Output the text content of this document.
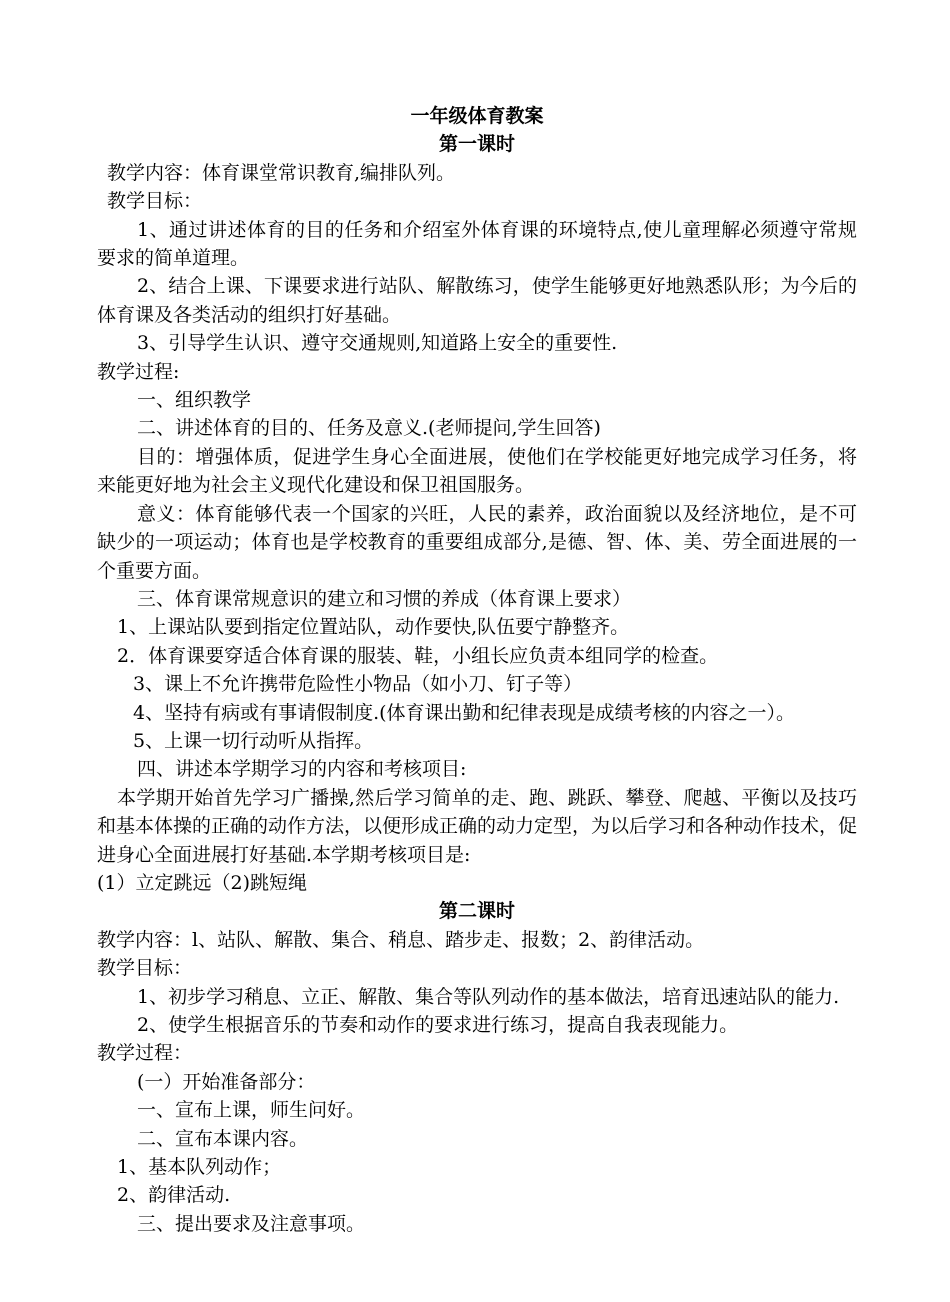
一年级体育教案
第一课时

教学内容：体育课堂常识教育,编排队列。

教学目标：

1、通过讲述体育的目的任务和介绍室外体育课的环境特点,使儿童理解必须遵守常规要求的简单道理。

2、结合上课、下课要求进行站队、解散练习，使学生能够更好地熟悉队形；为今后的体育课及各类活动的组织打好基础。

3、引导学生认识、遵守交通规则,知道路上安全的重要性.

教学过程:

一、组织教学

二、讲述体育的目的、任务及意义.(老师提问,学生回答)

目的：增强体质，促进学生身心全面进展，使他们在学校能更好地完成学习任务，将来能更好地为社会主义现代化建设和保卫祖国服务。

意义：体育能够代表一个国家的兴旺，人民的素养，政治面貌以及经济地位，是不可缺少的一项运动；体育也是学校教育的重要组成部分,是德、智、体、美、劳全面进展的一个重要方面。

三、体育课常规意识的建立和习惯的养成（体育课上要求）

1、上课站队要到指定位置站队，动作要快,队伍要宁静整齐。

2．体育课要穿适合体育课的服装、鞋，小组长应负责本组同学的检查。

3、课上不允许携带危险性小物品（如小刀、钉子等）

4、坚持有病或有事请假制度.(体育课出勤和纪律表现是成绩考核的内容之一）。

5、上课一切行动听从指挥。

四、讲述本学期学习的内容和考核项目:

本学期开始首先学习广播操,然后学习简单的走、跑、跳跃、攀登、爬越、平衡以及技巧和基本体操的正确的动作方法，以便形成正确的动力定型，为以后学习和各种动作技术，促进身心全面进展打好基础.本学期考核项目是:

(1）立定跳远（2)跳短绳

第二课时

教学内容：l、站队、解散、集合、稍息、踏步走、报数；2、韵律活动。

教学目标：

1、初步学习稍息、立正、解散、集合等队列动作的基本做法，培育迅速站队的能力.

2、使学生根据音乐的节奏和动作的要求进行练习，提高自我表现能力。

教学过程：

(一）开始准备部分：

一、宣布上课，师生问好。

二、宣布本课内容。

1、基本队列动作；

2、韵律活动.

三、提出要求及注意事项。
